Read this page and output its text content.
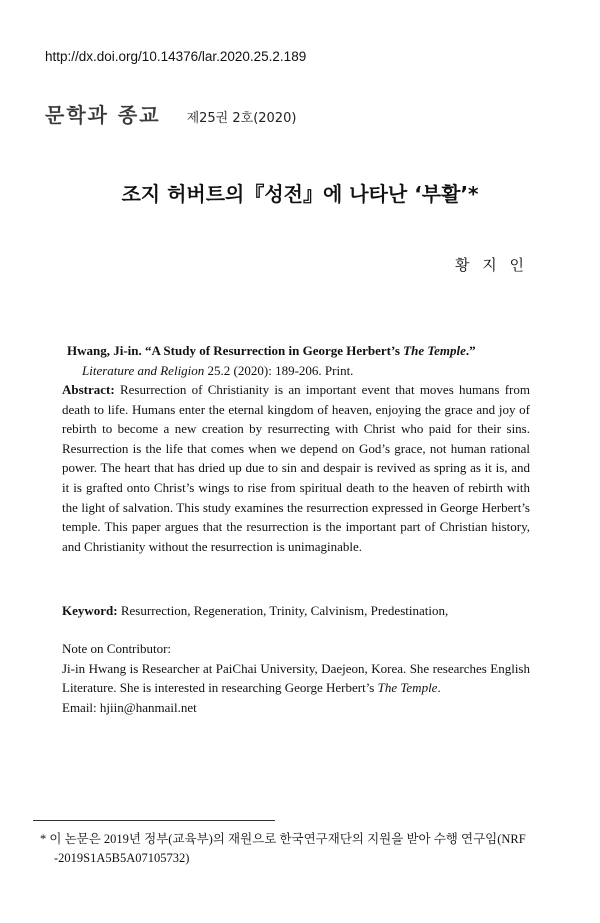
http://dx.doi.org/10.14376/lar.2020.25.2.189
문학과 종교 제25권 2호(2020)
조지 허버트의『성전』에 나타난 ‘부활’*
황 지 인
Hwang, Ji-in. “A Study of Resurrection in George Herbert’s The Temple.”
Literature and Religion 25.2 (2020): 189-206. Print.
Abstract: Resurrection of Christianity is an important event that moves humans from death to life. Humans enter the eternal kingdom of heaven, enjoying the grace and joy of rebirth to become a new creation by resurrecting with Christ who paid for their sins. Resurrection is the life that comes when we depend on God’s grace, not human rational power. The heart that has dried up due to sin and despair is revived as spring as it is, and it is grafted onto Christ’s wings to rise from spiritual death to the heaven of rebirth with the light of salvation. This study examines the resurrection expressed in George Herbert’s temple. This paper argues that the resurrection is the important part of Christian history, and Christianity without the resurrection is unimaginable.
Keyword: Resurrection, Regeneration, Trinity, Calvinism, Predestination,
Note on Contributor:
Ji-in Hwang is Researcher at PaiChai University, Daejeon, Korea. She researches English Literature. She is interested in researching George Herbert’s The Temple.
Email: hjiin@hanmail.net
* 이 논문은 2019년 정부(교육부)의 재원으로 한국연구재단의 지원을 받아 수행 연구임(NRF
-2019S1A5B5A07105732)
